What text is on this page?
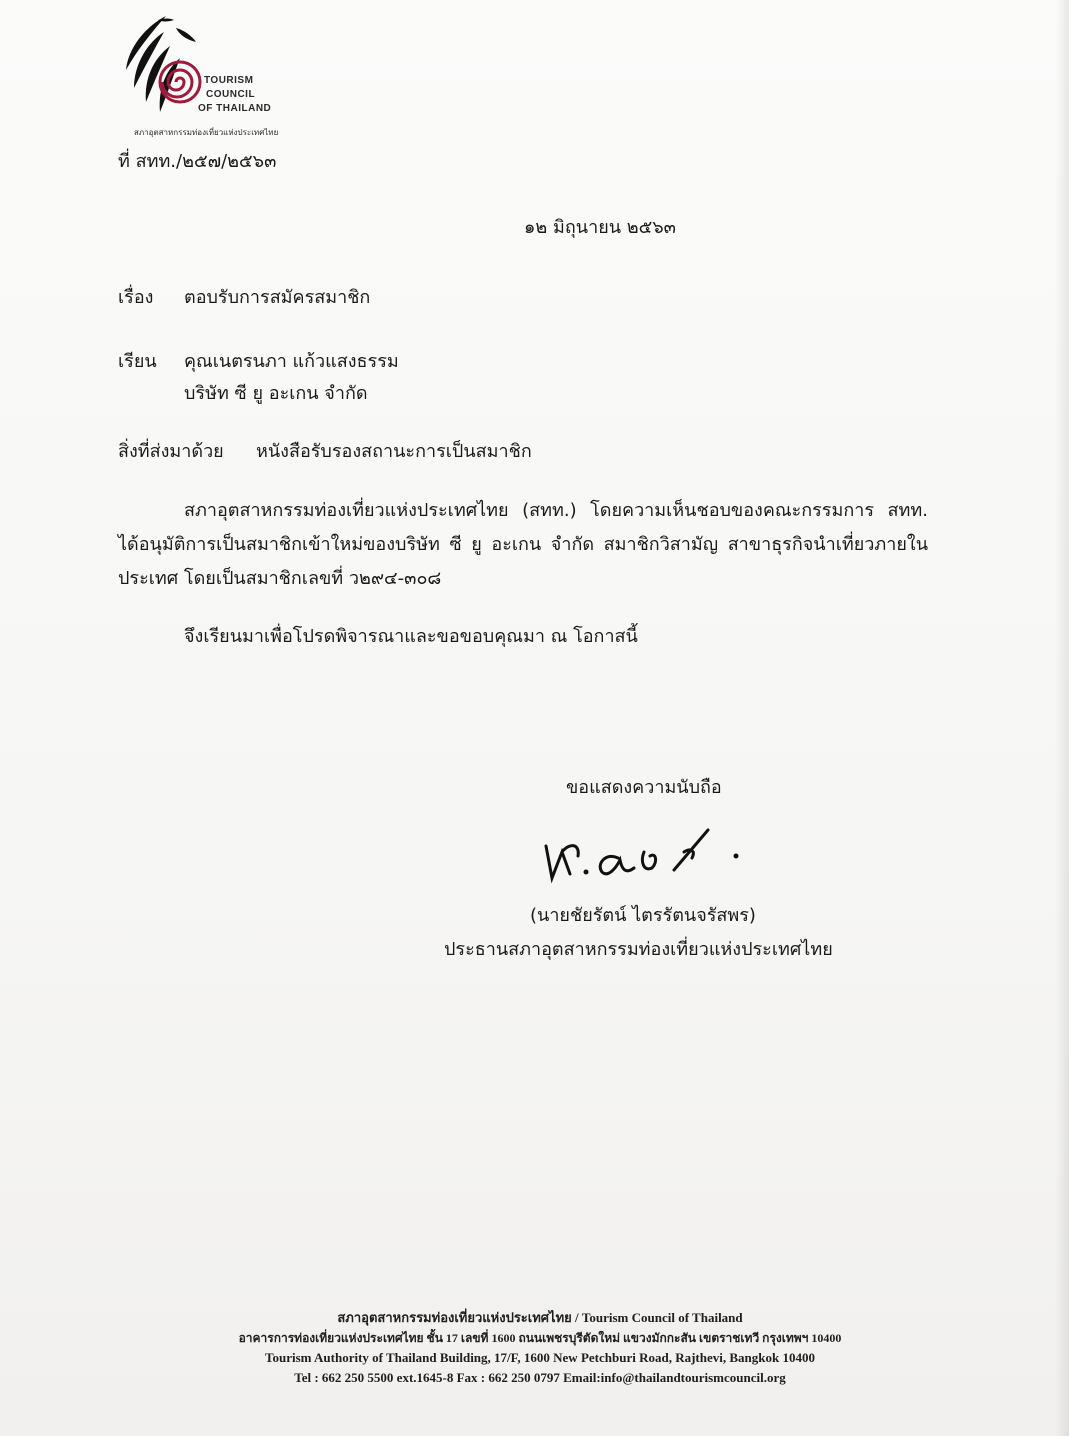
TOURISM
COUNCIL
OF THAILAND
สภาอุตสาหกรรมท่องเที่ยวแห่งประเทศไทย
ที่ สทท./๒๕๗/๒๕๖๓
๑๒ มิถุนายน ๒๕๖๓
เรื่อง ตอบรับการสมัครสมาชิก
เรียน คุณเนตรนภา แก้วแสงธรรม
บริษัท ซี ยู อะเกน จำกัด
สิ่งที่ส่งมาด้วย หนังสือรับรองสถานะการเป็นสมาชิก
สภาอุตสาหกรรมท่องเที่ยวแห่งประเทศไทย (สทท.) โดยความเห็นชอบของคณะกรรมการ สทท. ได้อนุมัติการเป็นสมาชิกเข้าใหม่ของบริษัท ซี ยู อะเกน จำกัด สมาชิกวิสามัญ สาขาธุรกิจนำเที่ยวภายในประเทศ โดยเป็นสมาชิกเลขที่ ว๒๙๔-๓๐๘
จึงเรียนมาเพื่อโปรดพิจารณาและขอขอบคุณมา ณ โอกาสนี้
ขอแสดงความนับถือ
(นายชัยรัตน์ ไตรรัตนจรัสพร)
ประธานสภาอุตสาหกรรมท่องเที่ยวแห่งประเทศไทย
สภาอุตสาหกรรมท่องเที่ยวแห่งประเทศไทย / Tourism Council of Thailand
อาคารการท่องเที่ยวแห่งประเทศไทย ชั้น 17 เลขที่ 1600 ถนนเพชรบุรีตัดใหม่ แขวงมักกะสัน เขตราชเทวี กรุงเทพฯ 10400
Tourism Authority of Thailand Building, 17/F, 1600 New Petchburi Road, Rajthevi, Bangkok 10400
Tel : 662 250 5500 ext.1645-8 Fax : 662 250 0797 Email:info@thailandtourismcouncil.org
